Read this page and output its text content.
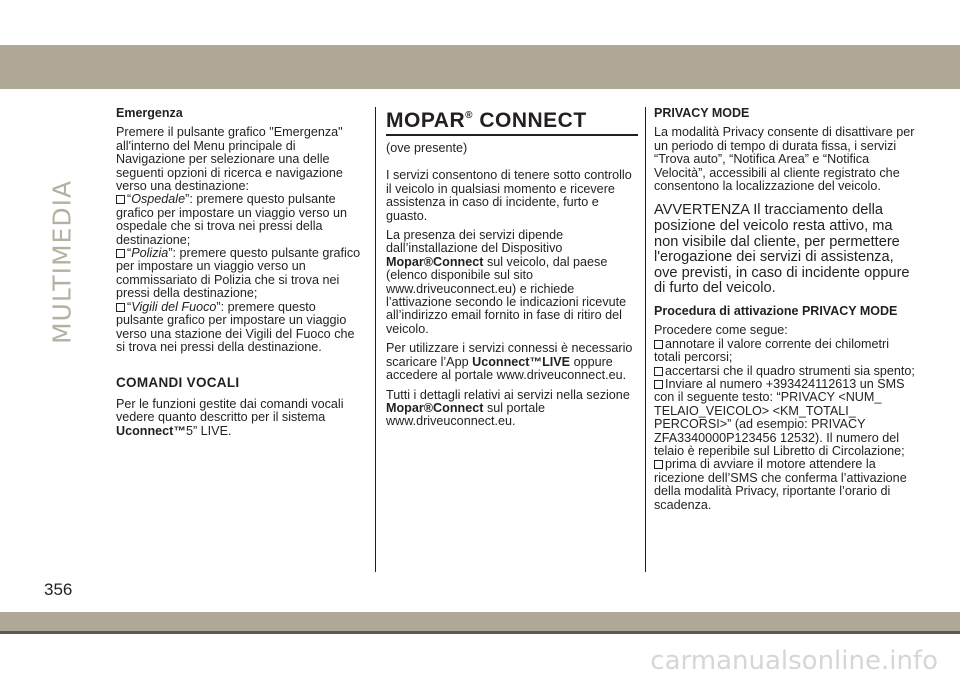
MULTIMEDIA
Emergenza

Premere il pulsante grafico "Emergenza" all'interno del Menu principale di Navigazione per selezionare una delle seguenti opzioni di ricerca e navigazione verso una destinazione:

“Ospedale”: premere questo pulsante grafico per impostare un viaggio verso un ospedale che si trova nei pressi della destinazione;

“Polizia”: premere questo pulsante grafico per impostare un viaggio verso un commissariato di Polizia che si trova nei pressi della destinazione;

“Vigili del Fuoco”: premere questo pulsante grafico per impostare un viaggio verso una stazione dei Vigili del Fuoco che si trova nei pressi della destinazione.

COMANDI VOCALI

Per le funzioni gestite dai comandi vocali vedere quanto descritto per il sistema Uconnect™5” LIVE.

MOPAR® CONNECT

(ove presente)

I servizi consentono di tenere sotto controllo il veicolo in qualsiasi momento e ricevere assistenza in caso di incidente, furto e guasto.

La presenza dei servizi dipende dall’installazione del Dispositivo Mopar®Connect sul veicolo, dal paese (elenco disponibile sul sito www.driveuconnect.eu) e richiede l’attivazione secondo le indicazioni ricevute all’indirizzo email fornito in fase di ritiro del veicolo.

Per utilizzare i servizi connessi è necessario scaricare l’App Uconnect™LIVE oppure accedere al portale www.driveuconnect.eu.

Tutti i dettagli relativi ai servizi nella sezione Mopar®Connect sul portale www.driveuconnect.eu.

PRIVACY MODE

La modalità Privacy consente di disattivare per un periodo di tempo di durata fissa, i servizi “Trova auto”, “Notifica Area” e “Notifica Velocità”, accessibili al cliente registrato che consentono la localizzazione del veicolo.

AVVERTENZA Il tracciamento della posizione del veicolo resta attivo, ma non visibile dal cliente, per permettere l'erogazione dei servizi di assistenza, ove previsti, in caso di incidente oppure di furto del veicolo.

Procedura di attivazione PRIVACY MODE

Procedere come segue:

annotare il valore corrente dei chilometri totali percorsi;

accertarsi che il quadro strumenti sia spento;

Inviare al numero +393424112613 un SMS con il seguente testo: “PRIVACY <NUM_ TELAIO_VEICOLO> <KM_TOTALI_ PERCORSI>” (ad esempio: PRIVACY ZFA3340000P123456 12532). Il numero del telaio è reperibile sul Libretto di Circolazione;

prima di avviare il motore attendere la ricezione dell’SMS che conferma l’attivazione della modalità Privacy, riportante l’orario di scadenza.

356
carmanualsonline.info
